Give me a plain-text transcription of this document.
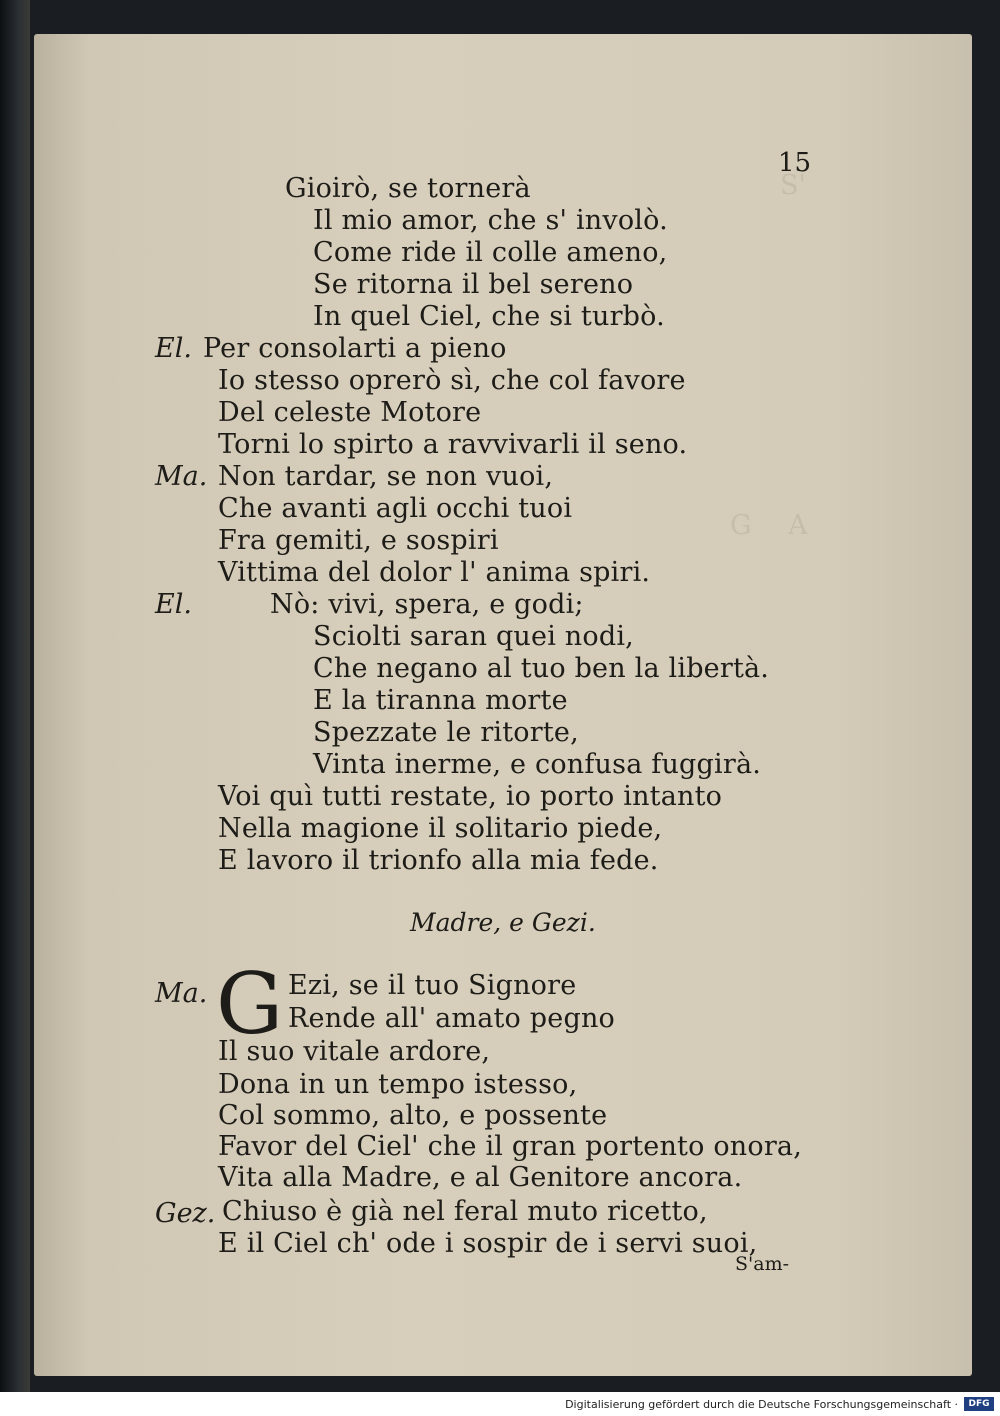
S'
G A
15
El.
Ma.
El.
Gioirò, se tornerà
Il mio amor, che s' involò.
Come ride il colle ameno,
Se ritorna il bel sereno
In quel Ciel, che si turbò.
Per consolarti a pieno
Io stesso oprerò sì, che col favore
Del celeste Motore
Torni lo spirto a ravvivarli il seno.
Non tardar, se non vuoi,
Che avanti agli occhi tuoi
Fra gemiti, e sospiri
Vittima del dolor l' anima spiri.
Nò: vivi, spera, e godi;
Sciolti saran quei nodi,
Che negano al tuo ben la libertà.
E la tiranna morte
Spezzate le ritorte,
Vinta inerme, e confusa fuggirà.
Voi quì tutti restate, io porto intanto
Nella magione il solitario piede,
E lavoro il trionfo alla mia fede.
Madre, e Gezi.
Ma. G Ezi, se il tuo Signore
Rende all' amato pegno
Il suo vitale ardore,
Dona in un tempo istesso,
Col sommo, alto, e possente
Favor del Ciel' che il gran portento onora,
Vita alla Madre, e al Genitore ancora.
Gez. Chiuso è già nel feral muto ricetto,
E il Ciel ch' ode i sospir de i servi suoi,
S'am-
Digitalisierung gefördert durch die Deutsche Forschungsgemeinschaft ·	DFG
